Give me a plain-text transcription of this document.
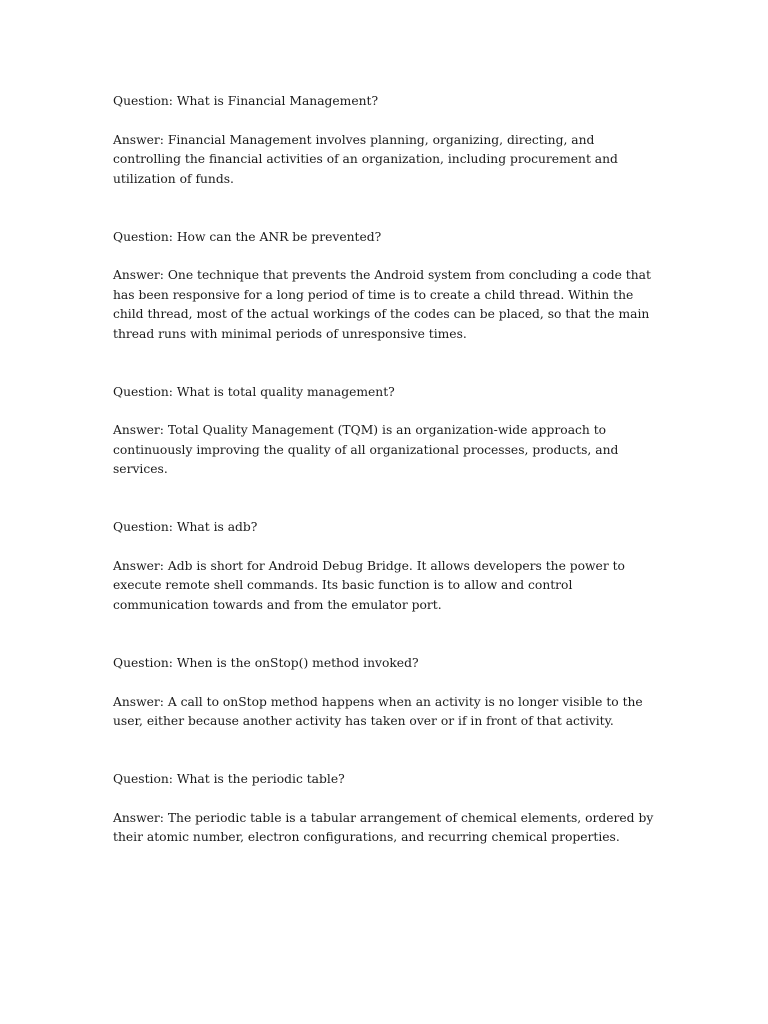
Question: What is Financial Management?

Answer: Financial Management involves planning, organizing, directing, and controlling the financial activities of an organization, including procurement and utilization of funds.

Question: How can the ANR be prevented?

Answer: One technique that prevents the Android system from concluding a code that has been responsive for a long period of time is to create a child thread. Within the child thread, most of the actual workings of the codes can be placed, so that the main thread runs with minimal periods of unresponsive times.

Question: What is total quality management?

Answer: Total Quality Management (TQM) is an organization-wide approach to continuously improving the quality of all organizational processes, products, and services.

Question: What is adb?

Answer: Adb is short for Android Debug Bridge. It allows developers the power to execute remote shell commands. Its basic function is to allow and control communication towards and from the emulator port.

Question: When is the onStop() method invoked?

Answer: A call to onStop method happens when an activity is no longer visible to the user, either because another activity has taken over or if in front of that activity.

Question: What is the periodic table?

Answer: The periodic table is a tabular arrangement of chemical elements, ordered by their atomic number, electron configurations, and recurring chemical properties.
